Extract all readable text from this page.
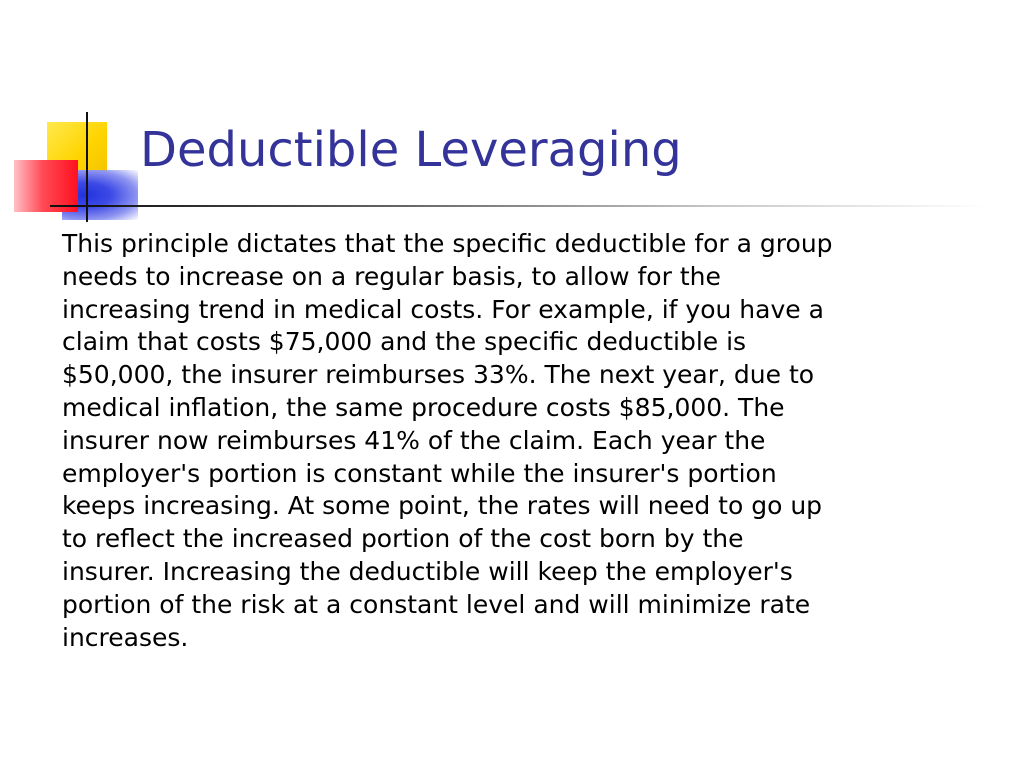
Deductible Leveraging
This principle dictates that the specific deductible for a group
needs to increase on a regular basis, to allow for the
increasing trend in medical costs. For example, if you have a
claim that costs $75,000 and the specific deductible is
$50,000, the insurer reimburses 33%. The next year, due to
medical inflation, the same procedure costs $85,000. The
insurer now reimburses 41% of the claim. Each year the
employer's portion is constant while the insurer's portion
keeps increasing. At some point, the rates will need to go up
to reflect the increased portion of the cost born by the
insurer. Increasing the deductible will keep the employer's
portion of the risk at a constant level and will minimize rate
increases.
